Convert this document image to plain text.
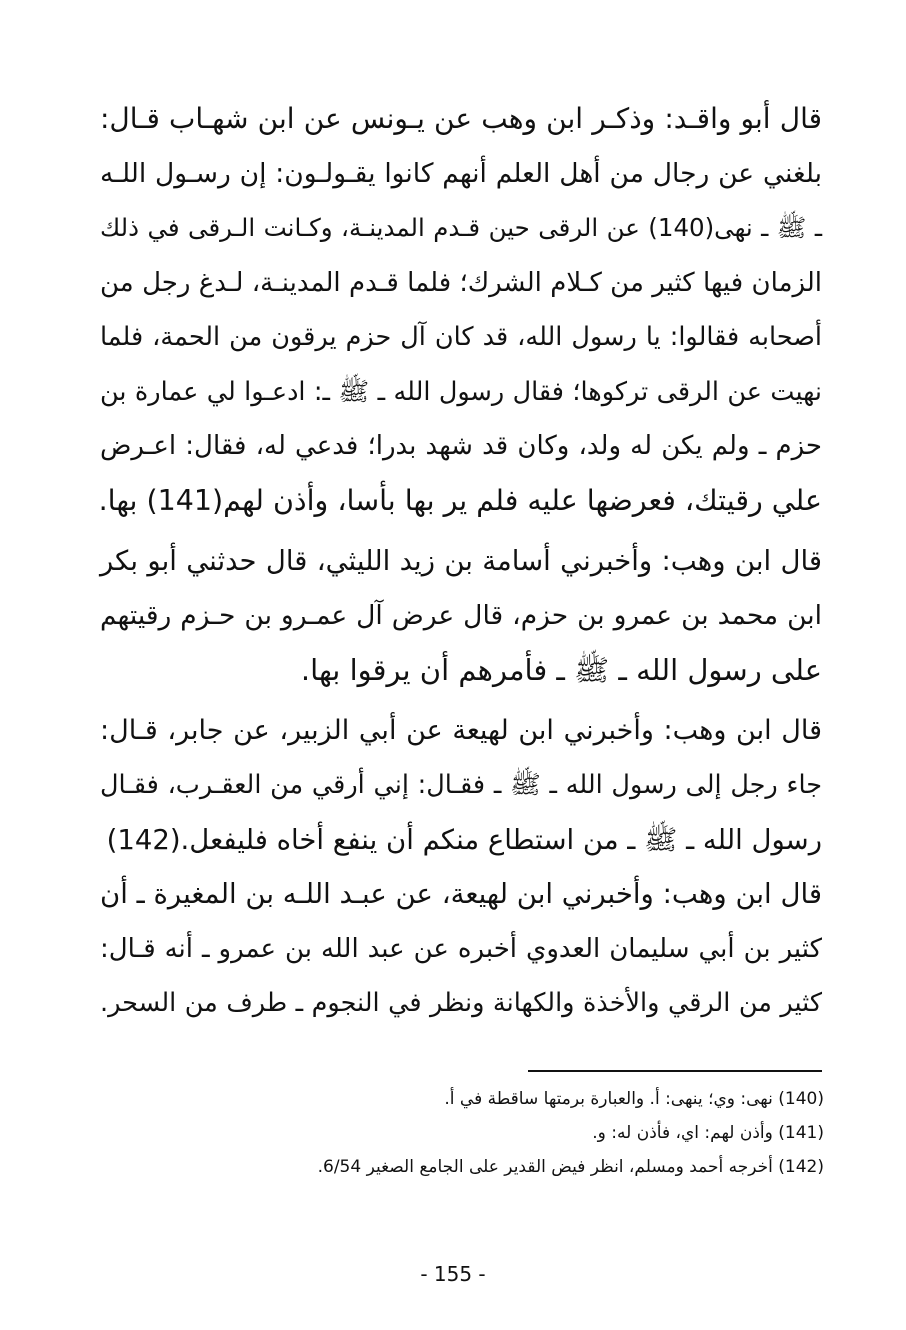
قال أبو واقـد: وذكـر ابن وهب عن يـونس عن ابن شهـاب قـال:
بلغني عن رجال من أهل العلم أنهم كانوا يقـولـون: إن رسـول اللـه
ـ ﷺ ـ نهى(140) عن الرقى حين قـدم المدينـة، وكـانت الـرقى في ذلك
الزمان فيها كثير من كـلام الشرك؛ فلما قـدم المدينـة، لـدغ رجل من
أصحابه فقالوا: يا رسول الله، قد كان آل حزم يرقون من الحمة، فلما
نهيت عن الرقى تركوها؛ فقال رسول الله ـ ﷺ ـ: ادعـوا لي عمارة بن
حزم ـ ولم يكن له ولد، وكان قد شهد بدرا؛ فدعي له، فقال: اعـرض
علي رقيتك، فعرضها عليه فلم ير بها بأسا، وأذن لهم(141) بها.
قال ابن وهب: وأخبرني أسامة بن زيد الليثي، قال حدثني أبو بكر
ابن محمد بن عمرو بن حزم، قال عرض آل عمـرو بن حـزم رقيتهم
على رسول الله ـ ﷺ ـ فأمرهم أن يرقوا بها.
قال ابن وهب: وأخبرني ابن لهيعة عن أبي الزبير، عن جابر، قـال:
جاء رجل إلى رسول الله ـ ﷺ ـ فقـال: إني أرقي من العقـرب، فقـال
رسول الله ـ ﷺ ـ من استطاع منكم أن ينفع أخاه فليفعل.(142)
قال ابن وهب: وأخبرني ابن لهيعة، عن عبـد اللـه بن المغيرة ـ أن
كثير بن أبي سليمان العدوي أخبره عن عبد الله بن عمرو ـ أنه قـال:
كثير من الرقي والأخذة والكهانة ونظر في النجوم ـ طرف من السحر.
(140) نهى: وي؛ ينهى: أ. والعبارة برمتها ساقطة في أ.
(141) وأذن لهم: اي، فأذن له: و.
(142) أخرجه أحمد ومسلم، انظر فيض القدير على الجامع الصغير 6/54.
- 155 -
